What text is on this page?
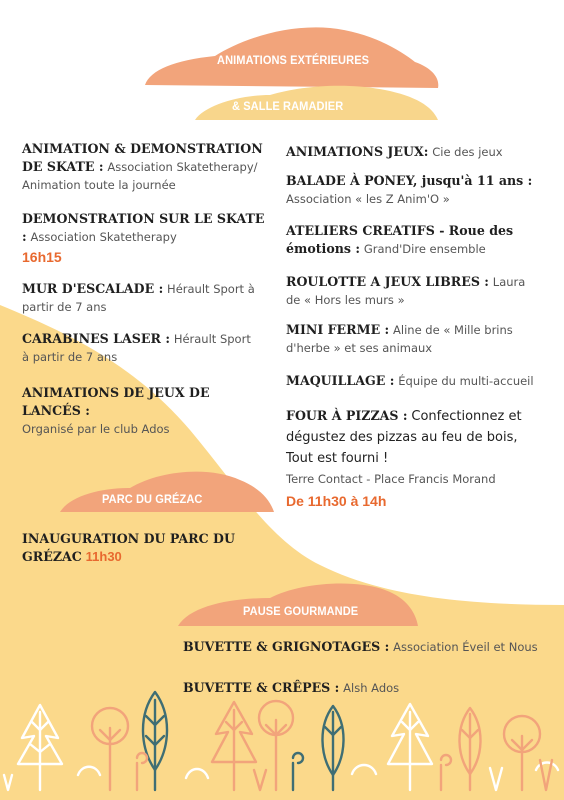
ANIMATIONS EXTÉRIEURES
& SALLE RAMADIER
PARC DU GRÉZAC
PAUSE GOURMANDE
ANIMATION & DEMONSTRATION DE SKATE : Association Skatetherapy/ Animation toute la journée
DEMONSTRATION SUR LE SKATE : Association Skatetherapy
16h15
MUR D'ESCALADE : Hérault Sport à partir de 7 ans
CARABINES LASER : Hérault Sport à partir de 7 ans
ANIMATIONS DE JEUX DE LANCÉS :
Organisé par le club Ados
ANIMATIONS JEUX: Cie des jeux
BALADE À PONEY, jusqu'à 11 ans :
Association « les Z Anim'O »
ATELIERS CREATIFS - Roue des émotions : Grand'Dire ensemble
ROULOTTE A JEUX LIBRES : Laura de « Hors les murs »
MINI FERME : Aline de « Mille brins d'herbe » et ses animaux
MAQUILLAGE : Équipe du multi-accueil
FOUR À PIZZAS : Confectionnez et dégustez des pizzas au feu de bois, Tout est fourni !
Terre Contact - Place Francis Morand
De 11h30 à 14h
INAUGURATION DU PARC DU GRÉZAC 11h30
BUVETTE & GRIGNOTAGES : Association Éveil et Nous
BUVETTE & CRÊPES : Alsh Ados
